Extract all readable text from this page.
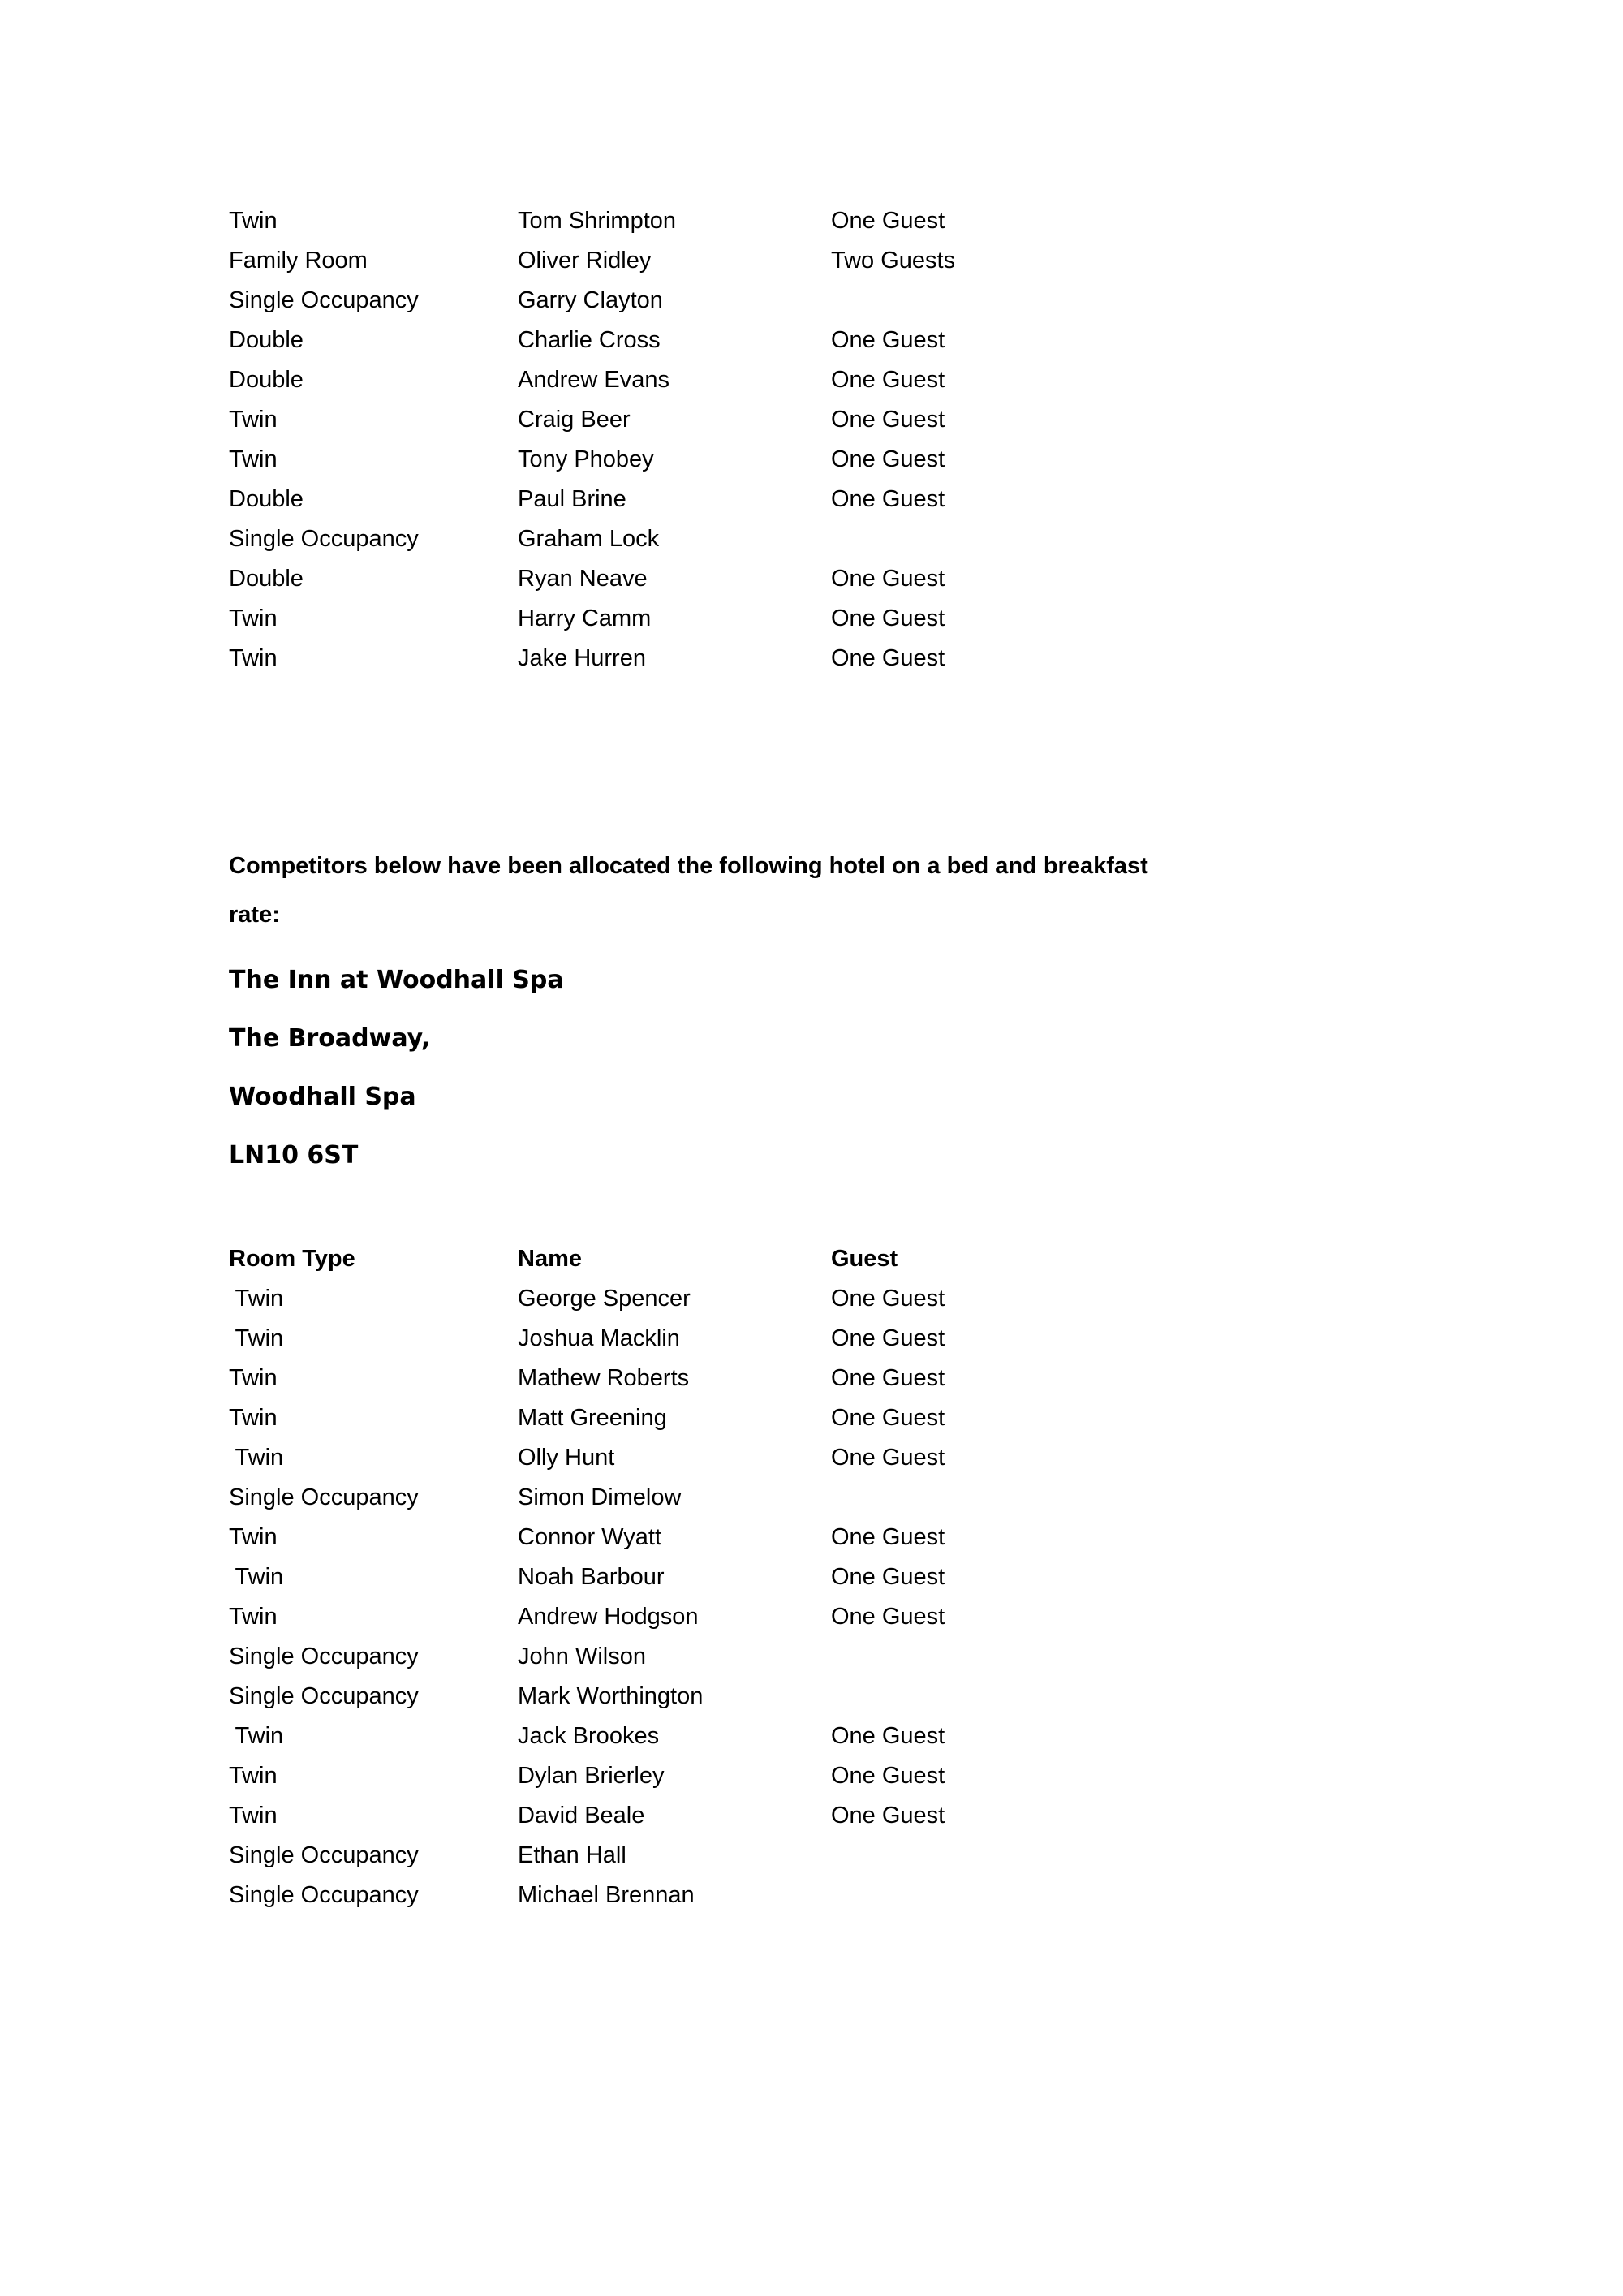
Twin	Tom Shrimpton	One Guest
Family Room	Oliver Ridley	Two Guests
Single Occupancy	Garry Clayton
Double	Charlie Cross	One Guest
Double	Andrew Evans	One Guest
Twin	Craig Beer	One Guest
Twin	Tony Phobey	One Guest
Double	Paul Brine	One Guest
Single Occupancy	Graham Lock
Double	Ryan Neave	One Guest
Twin	Harry Camm	One Guest
Twin	Jake Hurren	One Guest

Competitors below have been allocated the following hotel on a bed and breakfast rate:

The Inn at Woodhall Spa

The Broadway,

Woodhall Spa

LN10 6ST

Room Type	Name	Guest
Twin	George Spencer	One Guest
Twin	Joshua Macklin	One Guest
Twin	Mathew Roberts	One Guest
Twin	Matt Greening	One Guest
Twin	Olly Hunt	One Guest
Single Occupancy	Simon Dimelow
Twin	Connor Wyatt	One Guest
Twin	Noah Barbour	One Guest
Twin	Andrew Hodgson	One Guest
Single Occupancy	John Wilson
Single Occupancy	Mark Worthington
Twin	Jack Brookes	One Guest
Twin	Dylan Brierley	One Guest
Twin	David Beale	One Guest
Single Occupancy	Ethan Hall
Single Occupancy	Michael Brennan
